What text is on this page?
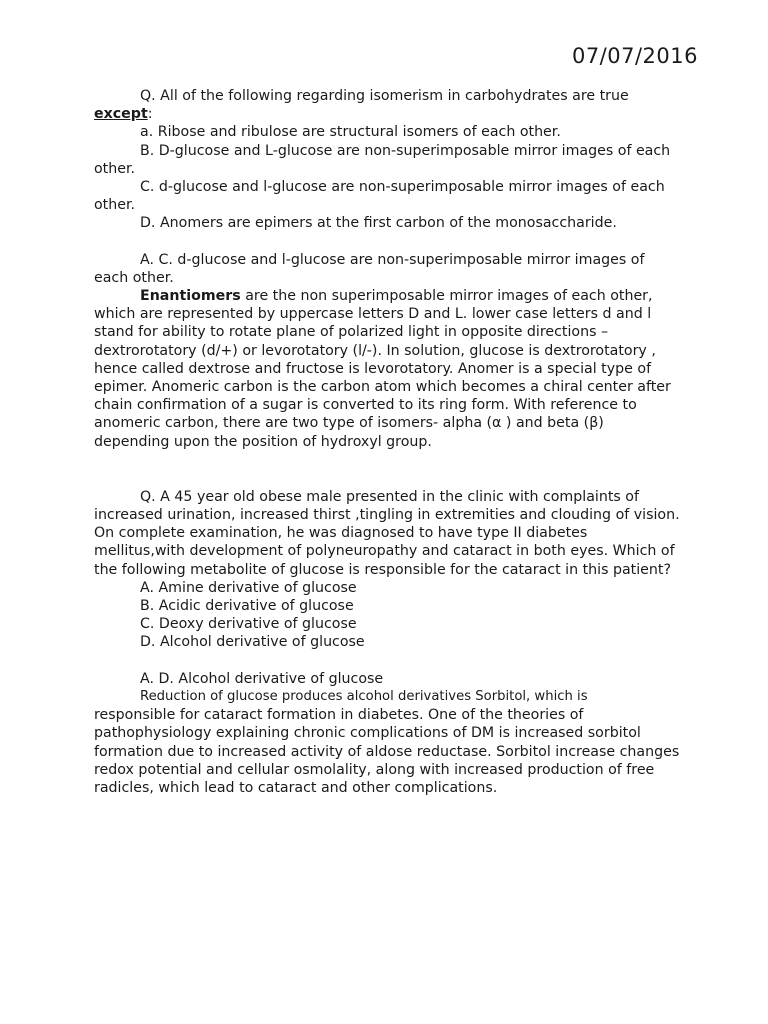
07/07/2016

Q. All of the following regarding isomerism in carbohydrates are true except:

a. Ribose and ribulose are structural isomers of each other.

B. D-glucose and L-glucose are non-superimposable mirror images of each other.

C. d-glucose and l-glucose are non-superimposable mirror images of each other.

D. Anomers are epimers at the first carbon of the monosaccharide.

A. C. d-glucose and l-glucose are non-superimposable mirror images of each other.

Enantiomers are the non superimposable mirror images of each other, which are represented by uppercase letters D and L. lower case letters d and l stand for ability to rotate plane of polarized light in opposite directions – dextrorotatory (d/+) or levorotatory (l/-). In solution, glucose is dextrorotatory , hence called dextrose and fructose is levorotatory. Anomer is a special type of epimer. Anomeric carbon is the carbon atom which becomes a chiral center after chain confirmation of a sugar is converted to its ring form. With reference to anomeric carbon, there are two type of isomers- alpha (α ) and beta (β) depending upon the position of hydroxyl group.

Q. A 45 year old obese male presented in the clinic with complaints of increased urination, increased thirst ,tingling in extremities and clouding of vision. On complete examination, he was diagnosed to have type II diabetes mellitus,with development of polyneuropathy and cataract in both eyes. Which of the following metabolite of glucose is responsible for the cataract in this patient?

A. Amine derivative of glucose

B. Acidic derivative of glucose

C. Deoxy derivative of glucose

D. Alcohol derivative of glucose

A. D. Alcohol derivative of glucose

Reduction of glucose produces alcohol derivatives Sorbitol, which is

responsible for cataract formation in diabetes. One of the theories of pathophysiology explaining chronic complications of DM is increased sorbitol formation due to increased activity of aldose reductase. Sorbitol increase changes redox potential and cellular osmolality, along with increased production of free radicles, which lead to cataract and other complications.
